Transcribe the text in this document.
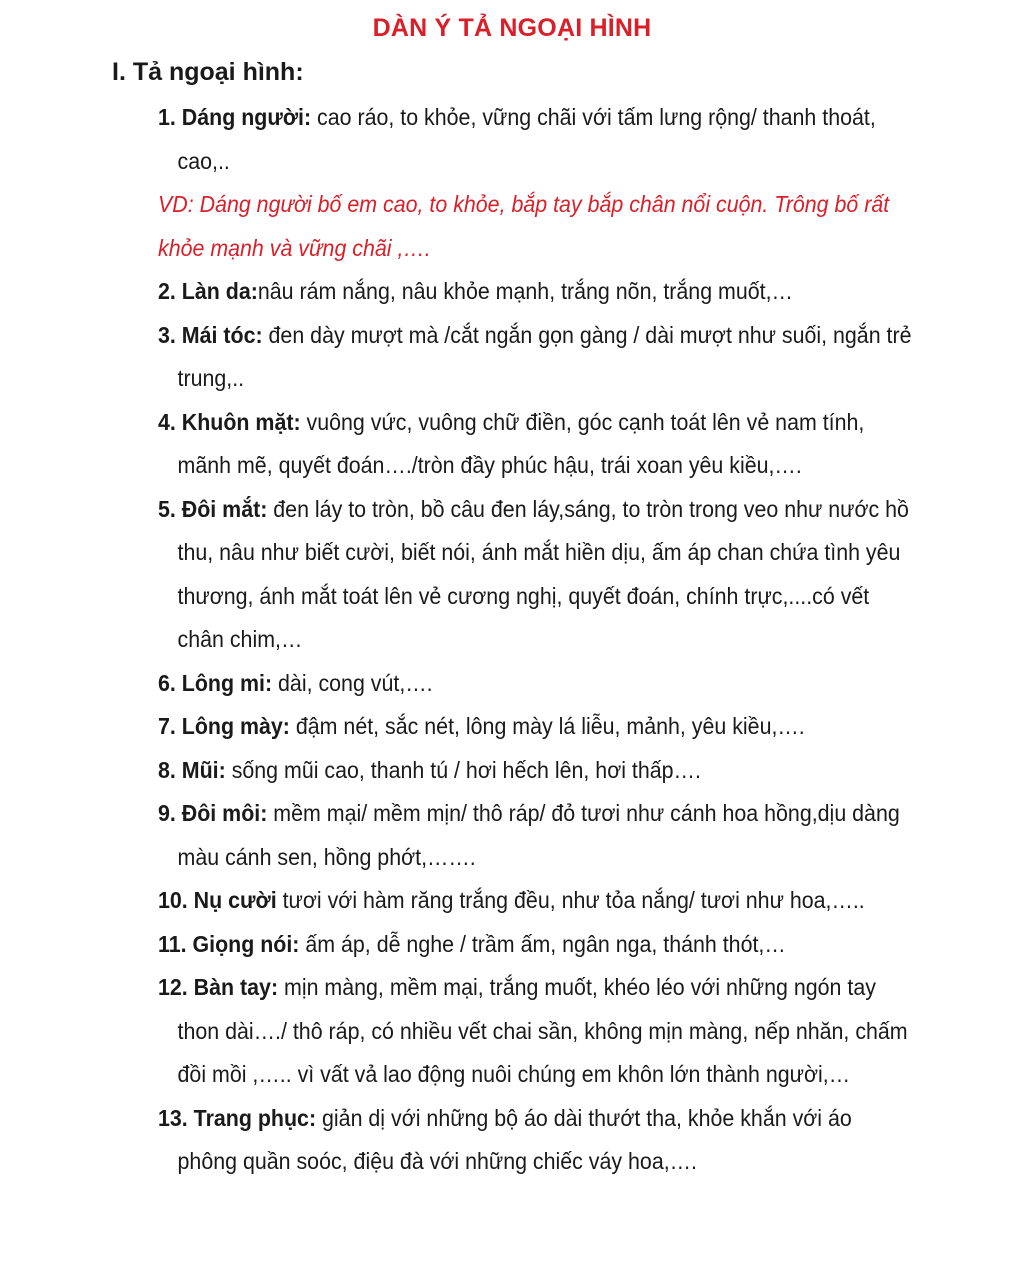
DÀN Ý TẢ NGOẠI HÌNH
I. Tả ngoại hình:

1. Dáng người: cao ráo, to khỏe, vững chãi với tấm lưng rộng/ thanh thoát, cao,..

VD: Dáng người bố em cao, to khỏe, bắp tay bắp chân nổi cuộn. Trông bố rất khỏe mạnh và vững chãi ,….

2. Làn da:nâu rám nắng, nâu khỏe mạnh, trắng nõn, trắng muốt,…

3. Mái tóc: đen dày mượt mà /cắt ngắn gọn gàng / dài mượt như suối, ngắn trẻ trung,..

4. Khuôn mặt: vuông vức, vuông chữ điền, góc cạnh toát lên vẻ nam tính, mãnh mẽ, quyết đoán…./tròn đầy phúc hậu, trái xoan yêu kiều,….

5. Đôi mắt: đen láy to tròn, bồ câu đen láy,sáng, to tròn trong veo như nước hồ thu, nâu như biết cười, biết nói, ánh mắt hiền dịu, ấm áp chan chứa tình yêu thương, ánh mắt toát lên vẻ cương nghị, quyết đoán, chính trực,....có vết chân chim,…

6. Lông mi: dài, cong vút,….

7. Lông mày: đậm nét, sắc nét, lông mày lá liễu, mảnh, yêu kiều,….

8. Mũi: sống mũi cao, thanh tú / hơi hếch lên, hơi thấp….

9. Đôi môi: mềm mại/ mềm mịn/ thô ráp/ đỏ tươi như cánh hoa hồng,dịu dàng màu cánh sen, hồng phớt,…….

10. Nụ cười tươi với hàm răng trắng đều, như tỏa nắng/ tươi như hoa,…..

11. Giọng nói: ấm áp, dễ nghe / trầm ấm, ngân nga, thánh thót,…

12. Bàn tay: mịn màng, mềm mại, trắng muốt, khéo léo với những ngón tay thon dài…./ thô ráp, có nhiều vết chai sần, không mịn màng, nếp nhăn, chấm đồi mồi ,….. vì vất vả lao động nuôi chúng em khôn lớn thành người,…

13. Trang phục: giản dị với những bộ áo dài thướt tha, khỏe khắn với áo phông quần soóc, điệu đà với những chiếc váy hoa,….
